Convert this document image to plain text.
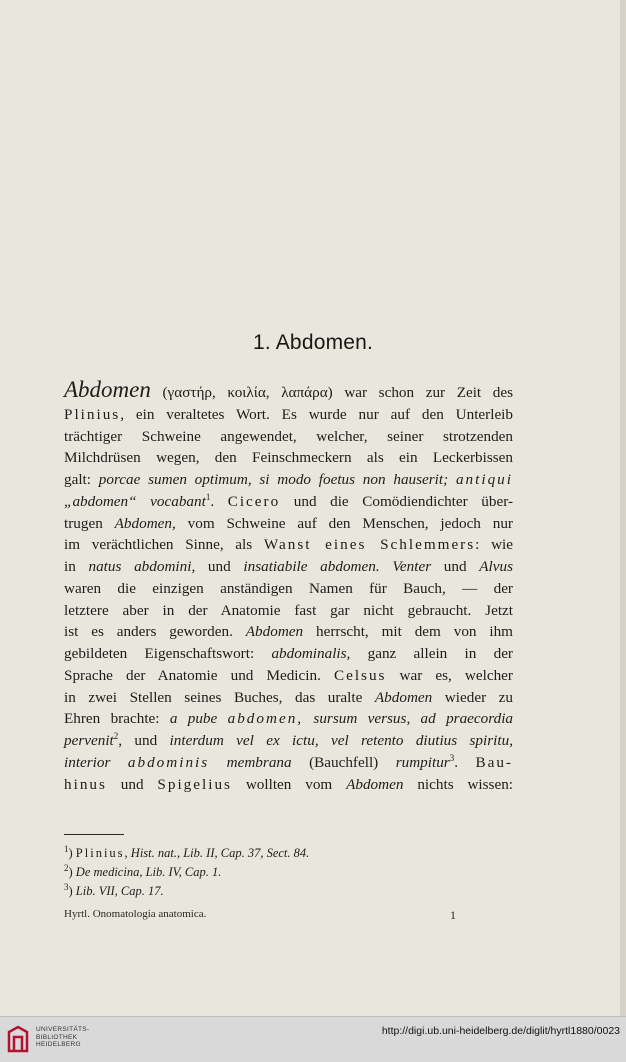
1. Abdomen.
Abdomen (γαστήρ, κοιλία, λαπάρα) war schon zur Zeit des
Plinius, ein veraltetes Wort. Es wurde nur auf den Unterleib
trächtiger Schweine angewendet, welcher, seiner strotzenden
Milchdrüsen wegen, den Feinschmeckern als ein Leckerbissen
galt: porcae sumen optimum, si modo foetus non hauserit; antiqui
„abdomen“ vocabant$^1$. Cicero und die Comödiendichter über-
trugen Abdomen, vom Schweine auf den Menschen, jedoch nur
im verächtlichen Sinne, als Wanst eines Schlemmers: wie
in natus abdomini, und insatiabile abdomen. Venter und Alvus
waren die einzigen anständigen Namen für Bauch, — der
letztere aber in der Anatomie fast gar nicht gebraucht. Jetzt
ist es anders geworden. Abdomen herrscht, mit dem von ihm
gebildeten Eigenschaftswort: abdominalis, ganz allein in der
Sprache der Anatomie und Medicin. Celsus war es, welcher
in zwei Stellen seines Buches, das uralte Abdomen wieder zu
Ehren brachte: a pube abdomen, sursum versus, ad praecordia
pervenit$^2$, und interdum vel ex ictu, vel retento diutius spiritu,
interior abdominis membrana (Bauchfell) rumpitur$^3$. Bau-
hinus und Spigelius wollten vom Abdomen nichts wissen:
$^1$) Plinius, Hist. nat., Lib. II, Cap. 37, Sect. 84.
$^2$) De medicina, Lib. IV, Cap. 1.
$^3$) Lib. VII, Cap. 17.
Hyrtl. Onomatologia anatomica.	1
UNIVERSITÄTS-
BIBLIOTHEK
HEIDELBERG
http://digi.ub.uni-heidelberg.de/diglit/hyrtl1880/0023
